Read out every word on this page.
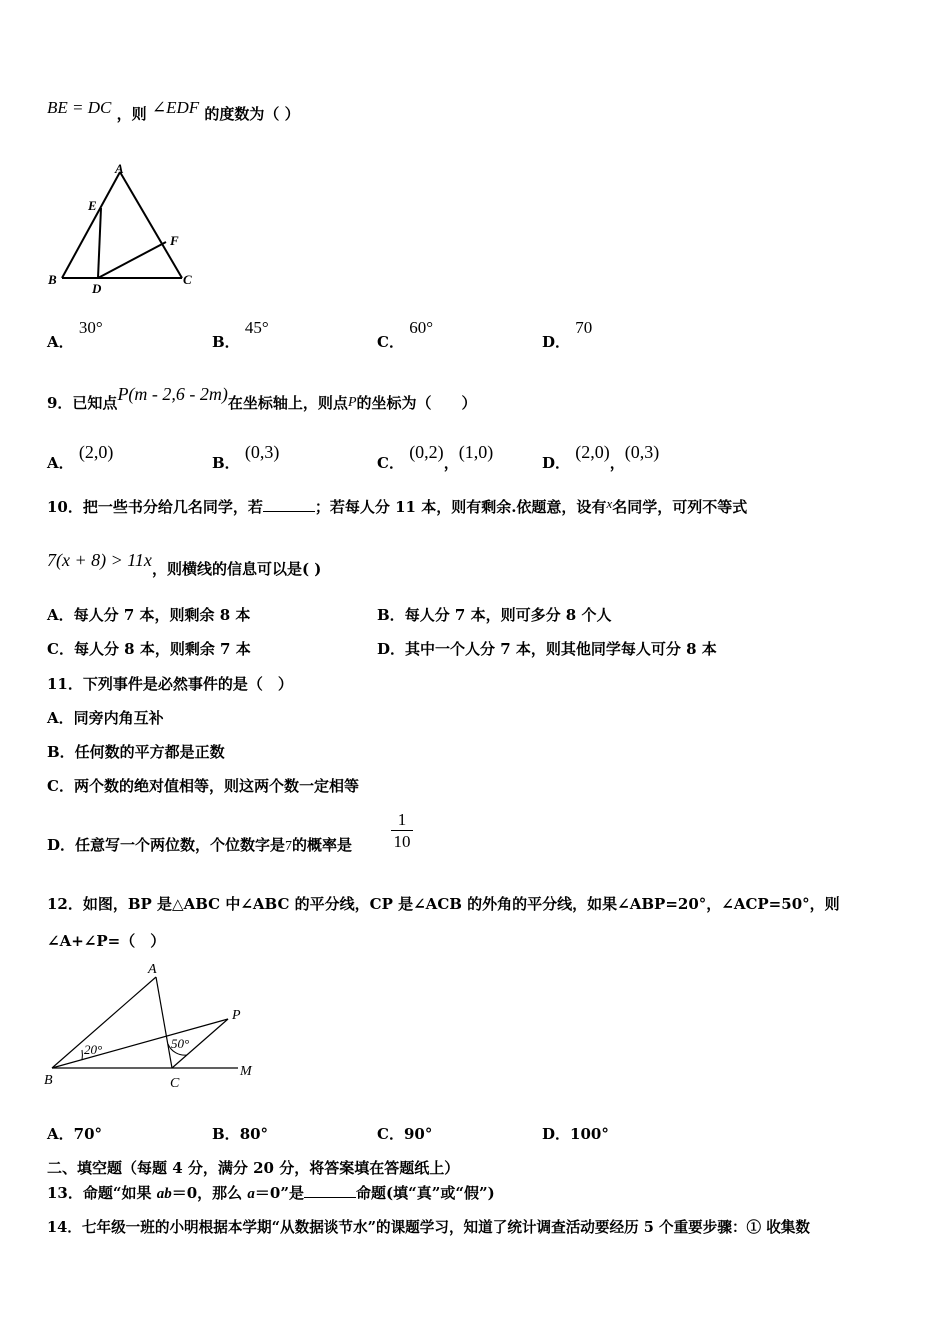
BE = DC ，则 ∠EDF 的度数为（ ）
A
E
F
B
D
C
A． 30°
B． 45°
C． 60°
D． 70
9．已知点P(m - 2,6 - 2m)在坐标轴上，则点P的坐标为（　　）
A． (2,0)
B． (0,3)
C． (0,2)，(1,0)
D． (2,0)，(0,3)
10．把一些书分给几名同学，若	；若每人分 11 本，则有剩余.依题意，设有x名同学，可列不等式
7(x + 8) > 11x，则横线的信息可以是( )
A．每人分 7 本，则剩余 8 本	B．每人分 7 本，则可多分 8 个人
C．每人分 8 本，则剩余 7 本	D．其中一个人分 7 本，则其他同学每人可分 8 本
11．下列事件是必然事件的是（　）
A．同旁内角互补
B．任何数的平方都是正数
C．两个数的绝对值相等，则这两个数一定相等
D．任意写一个两位数，个位数字是7的概率是 $\frac{1}{10}$
12．如图，BP 是△ABC 中∠ABC 的平分线，CP 是∠ACB 的外角的平分线，如果∠ABP=20°，∠ACP=50°，则
∠A+∠P=（　）
A
B	C
P
M
20°	50°
A．70°	B．80°	C．90°	D．100°
二、填空题（每题 4 分，满分 20 分，将答案填在答题纸上）
13．命题“如果 ab＝0，那么 a＝0”是	命题(填“真”或“假”)
14．七年级一班的小明根据本学期“从数据谈节水”的课题学习，知道了统计调查活动要经历 5 个重要步骤：① 收集数
